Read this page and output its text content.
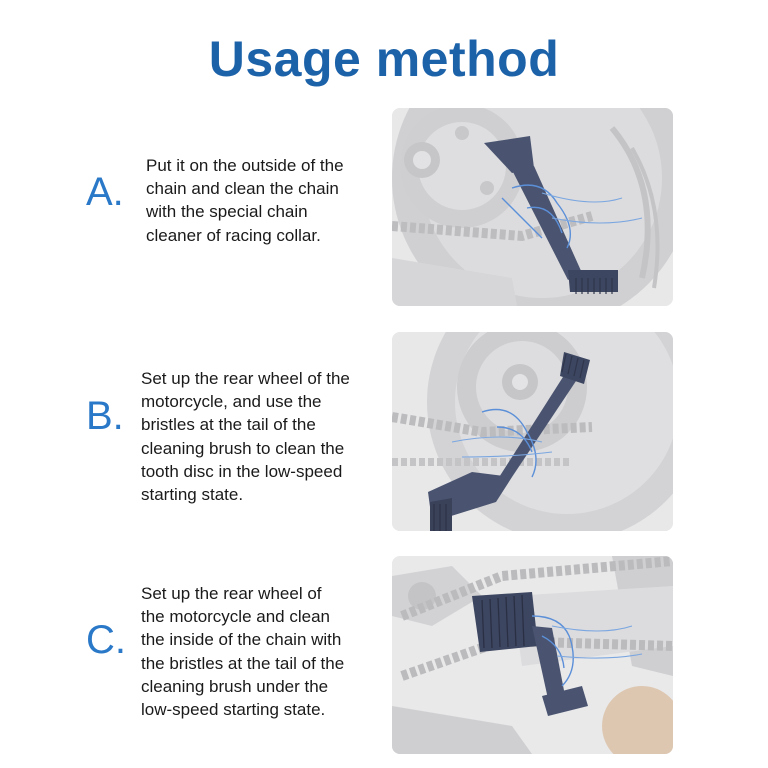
Usage method
A.
Put it on the outside of the
chain and clean the chain
with the special chain
cleaner of racing collar.
B.
Set up the rear wheel of the
motorcycle, and use the
bristles at the tail of the
cleaning brush to clean the
tooth disc in the low-speed
starting state.
C.
Set up the rear wheel of
the motorcycle and clean
the inside of the chain with
the bristles at the tail of the
cleaning brush under the
low-speed starting state.
